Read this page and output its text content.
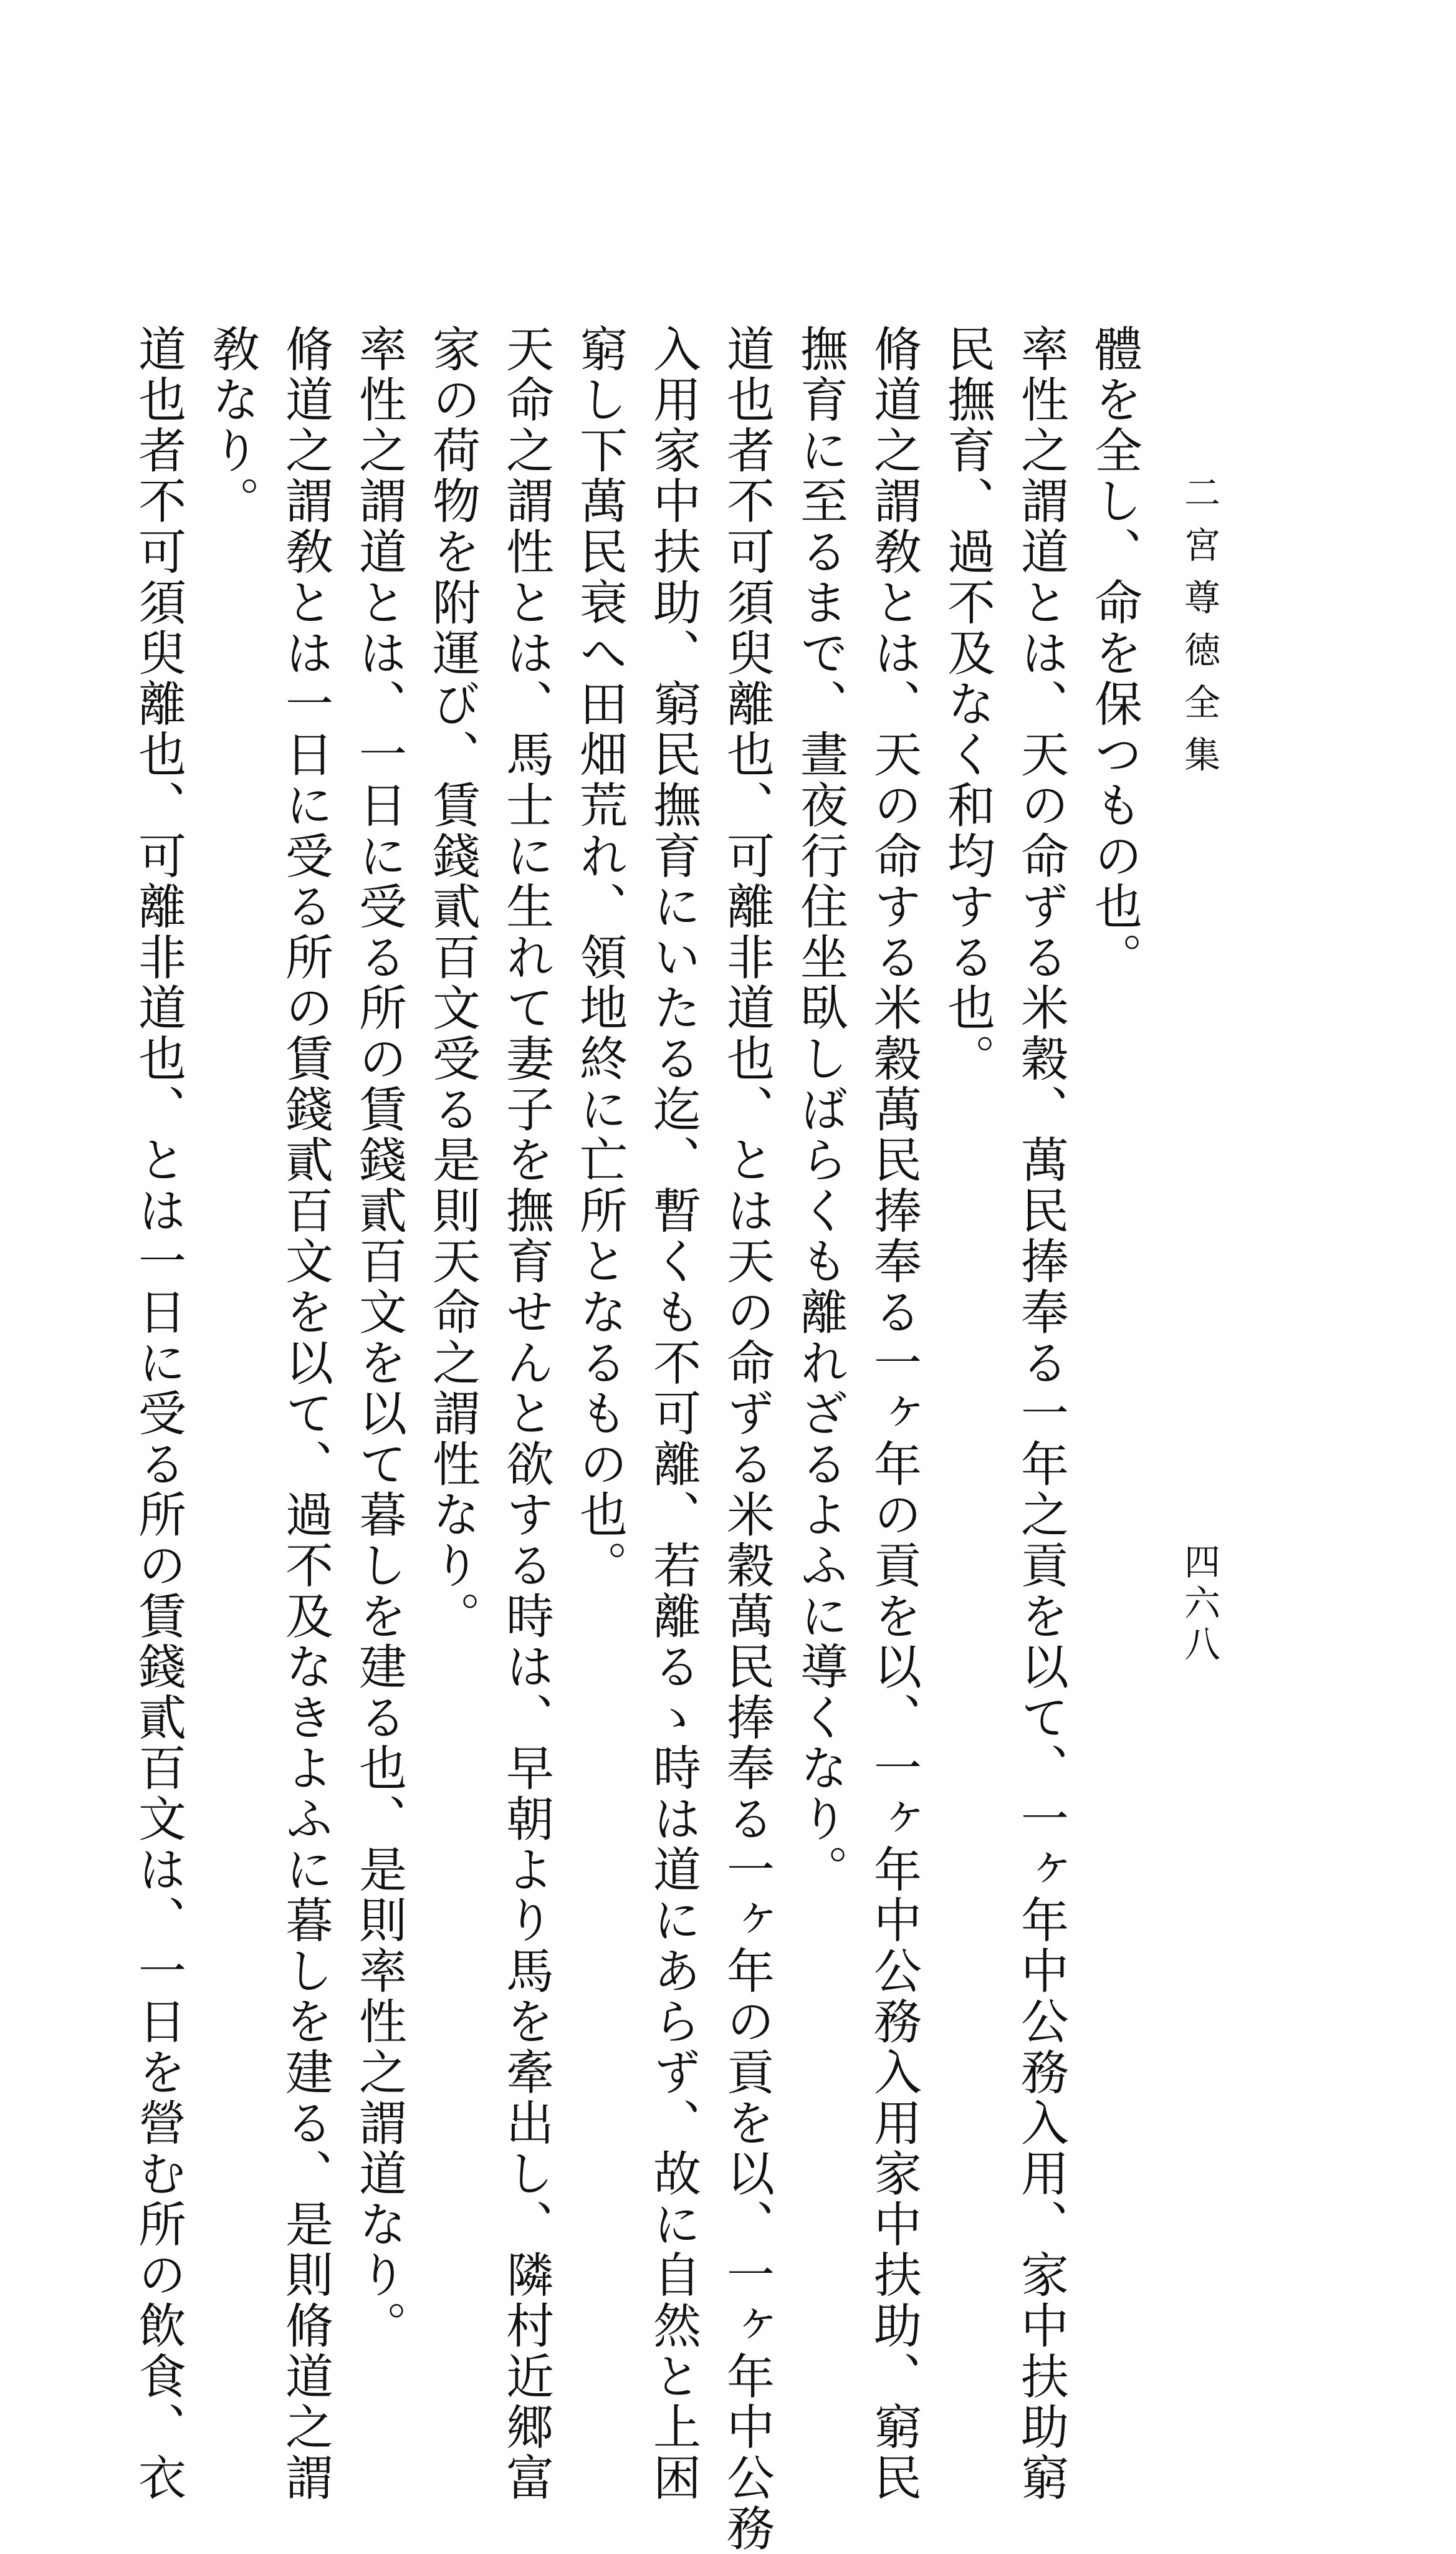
二宮尊徳全集
四六八
體を全し、命を保つもの也。
率性之謂道とは、天の命ずる米穀、萬民捧奉る一年之貢を以て、一ヶ年中公務入用、家中扶助窮
民撫育、過不及なく和均する也。
脩道之謂敎とは、天の命する米穀萬民捧奉る一ヶ年の貢を以、一ヶ年中公務入用家中扶助、窮民
撫育に至るまで、晝夜行住坐臥しばらくも離れざるよふに導くなり。
道也者不可須臾離也、可離非道也、とは天の命ずる米穀萬民捧奉る一ヶ年の貢を以、一ヶ年中公務
入用家中扶助、窮民撫育にいたる迄、暫くも不可離、若離るゝ時は道にあらず、故に自然と上困
窮し下萬民衰へ田畑荒れ、領地終に亡所となるもの也。
天命之謂性とは、馬士に生れて妻子を撫育せんと欲する時は、早朝より馬を牽出し、隣村近郷富
家の荷物を附運び、賃錢貳百文受る是則天命之謂性なり。
率性之謂道とは、一日に受る所の賃錢貳百文を以て暮しを建る也、是則率性之謂道なり。
脩道之謂敎とは一日に受る所の賃錢貳百文を以て、過不及なきよふに暮しを建る、是則脩道之謂
敎なり。
道也者不可須臾離也、可離非道也、とは一日に受る所の賃錢貳百文は、一日を營む所の飲食、衣
